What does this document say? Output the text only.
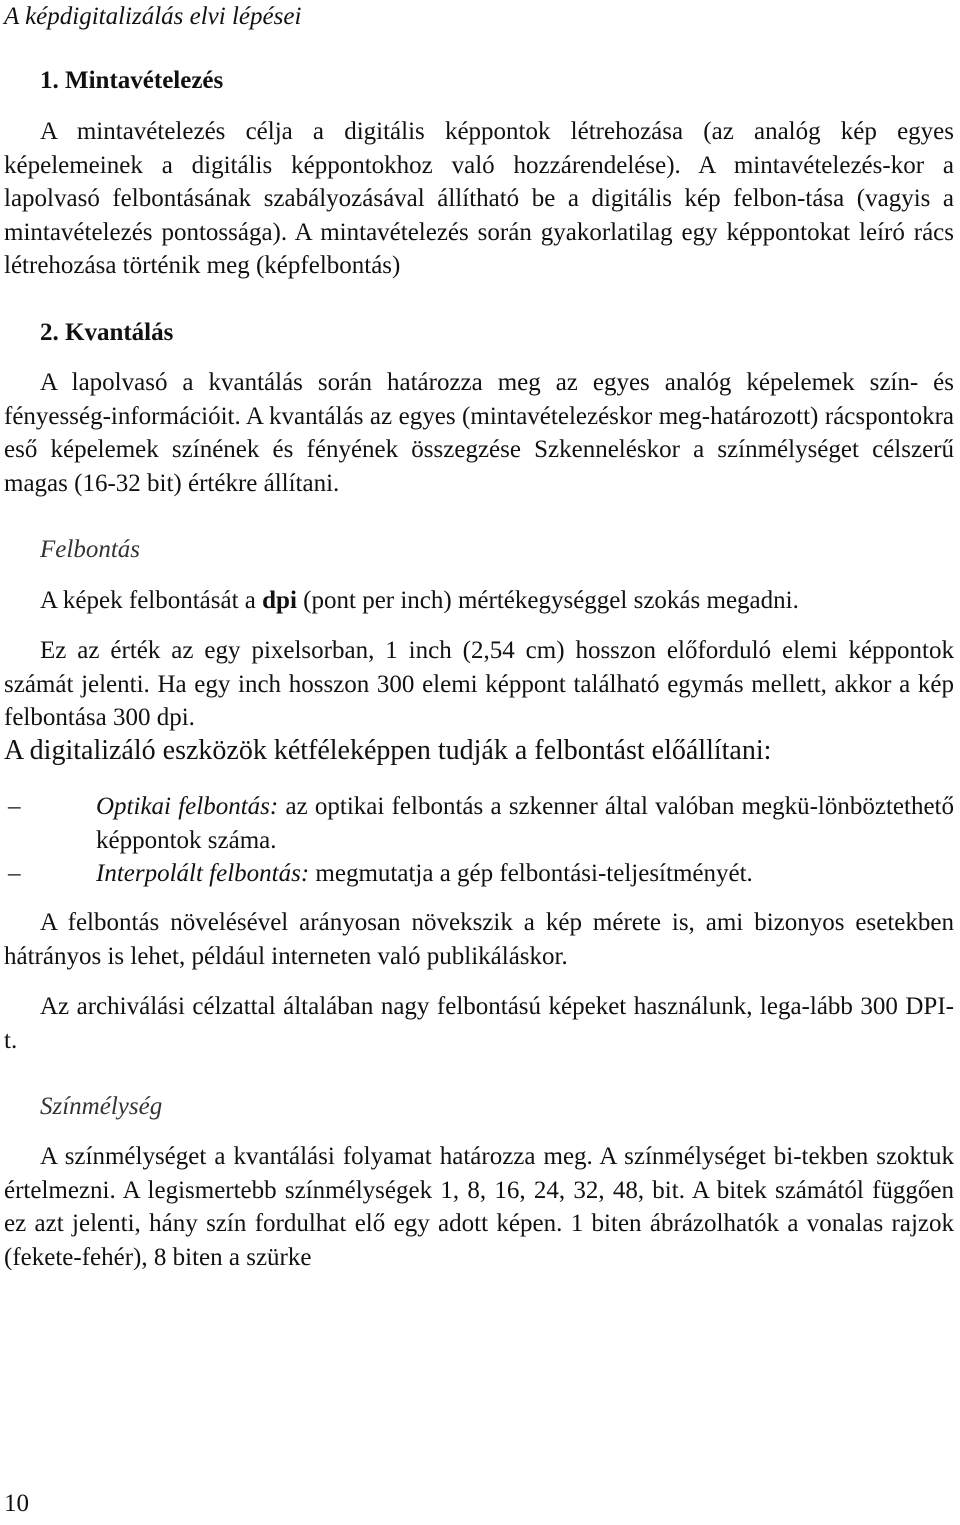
A képdigitalizálás elvi lépései
1. Mintavételezés
A mintavételezés célja a digitális képpontok létrehozása (az analóg kép egyes képelemeinek a digitális képpontokhoz való hozzárendelése). A mintavételezés-kor a lapolvasó felbontásának szabályozásával állítható be a digitális kép felbon-tása (vagyis a mintavételezés pontossága). A mintavételezés során gyakorlatilag egy képpontokat leíró rács létrehozása történik meg (képfelbontás)
2. Kvantálás
A lapolvasó a kvantálás során határozza meg az egyes analóg képelemek szín- és fényesség-információit. A kvantálás az egyes (mintavételezéskor meg-határozott) rácspontokra eső képelemek színének és fényének összegzése Szkenneléskor a színmélységet célszerű magas (16-32 bit) értékre állítani.
Felbontás
A képek felbontását a dpi (pont per inch) mértékegységgel szokás megadni.
Ez az érték az egy pixelsorban, 1 inch (2,54 cm) hosszon előforduló elemi képpontok számát jelenti. Ha egy inch hosszon 300 elemi képpont található egymás mellett, akkor a kép felbontása 300 dpi.
A digitalizáló eszközök kétféleképpen tudják a felbontást előállítani:
–	Optikai felbontás: az optikai felbontás a szkenner által valóban megkü-lönböztethető képpontok száma.
–	Interpolált felbontás: megmutatja a gép felbontási-teljesítményét.
A felbontás növelésével arányosan növekszik a kép mérete is, ami bizonyos esetekben hátrányos is lehet, például interneten való publikáláskor.
Az archiválási célzattal általában nagy felbontású képeket használunk, lega-lább 300 DPI-t.
Színmélység
A színmélységet a kvantálási folyamat határozza meg. A színmélységet bi-tekben szoktuk értelmezni. A legismertebb színmélységek 1, 8, 16, 24, 32, 48, bit. A bitek számától függően ez azt jelenti, hány szín fordulhat elő egy adott képen. 1 biten ábrázolhatók a vonalas rajzok (fekete-fehér), 8 biten a szürke
10
